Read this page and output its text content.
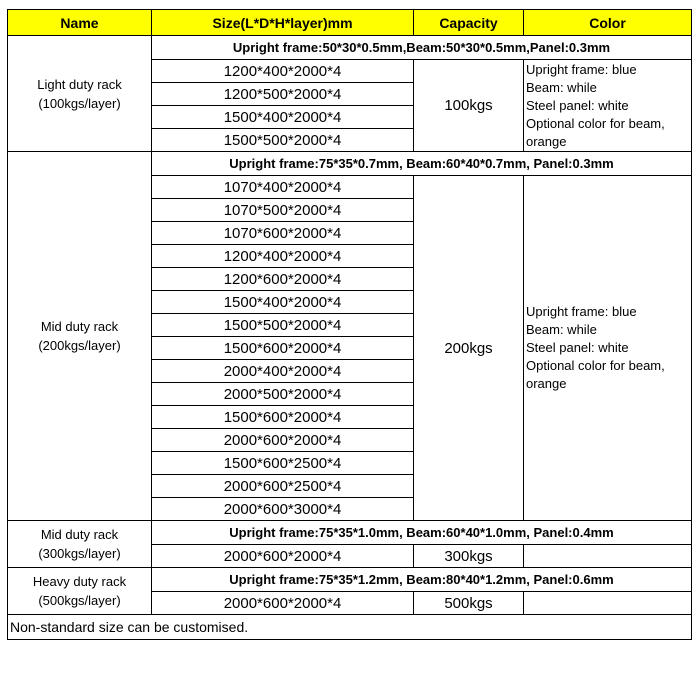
Name	Size(L*D*H*layer)mm	Capacity	Color
Light duty rack
(100kgs/layer)	Upright frame:50*30*0.5mm,Beam:50*30*0.5mm,Panel:0.3mm		
	1200*400*2000*4	100kgs	Upright frame: blue
Beam: while
Steel panel: white
Optional color for beam,
orange

	1200*500*2000*4		
	1500*400*2000*4		
	1500*500*2000*4		
Mid duty rack
(200kgs/layer)	Upright frame:75*35*0.7mm, Beam:60*40*0.7mm, Panel:0.3mm		
	1070*400*2000*4	200kgs	Upright frame: blue
Beam: while
Steel panel: white
Optional color for beam,
orange

	1070*500*2000*4		
	1070*600*2000*4		
	1200*400*2000*4		
	1200*600*2000*4		
	1500*400*2000*4		
	1500*500*2000*4		
	1500*600*2000*4		
	2000*400*2000*4		
	2000*500*2000*4		
	1500*600*2000*4		
	2000*600*2000*4		
	1500*600*2500*4		
	2000*600*2500*4		
	2000*600*3000*4		
Mid duty rack
(300kgs/layer)	Upright frame:75*35*1.0mm, Beam:60*40*1.0mm, Panel:0.4mm		
	2000*600*2000*4	300kgs	
Heavy duty rack
(500kgs/layer)	Upright frame:75*35*1.2mm, Beam:80*40*1.2mm, Panel:0.6mm		
	2000*600*2000*4	500kgs	
Non-standard size can be customised.			
